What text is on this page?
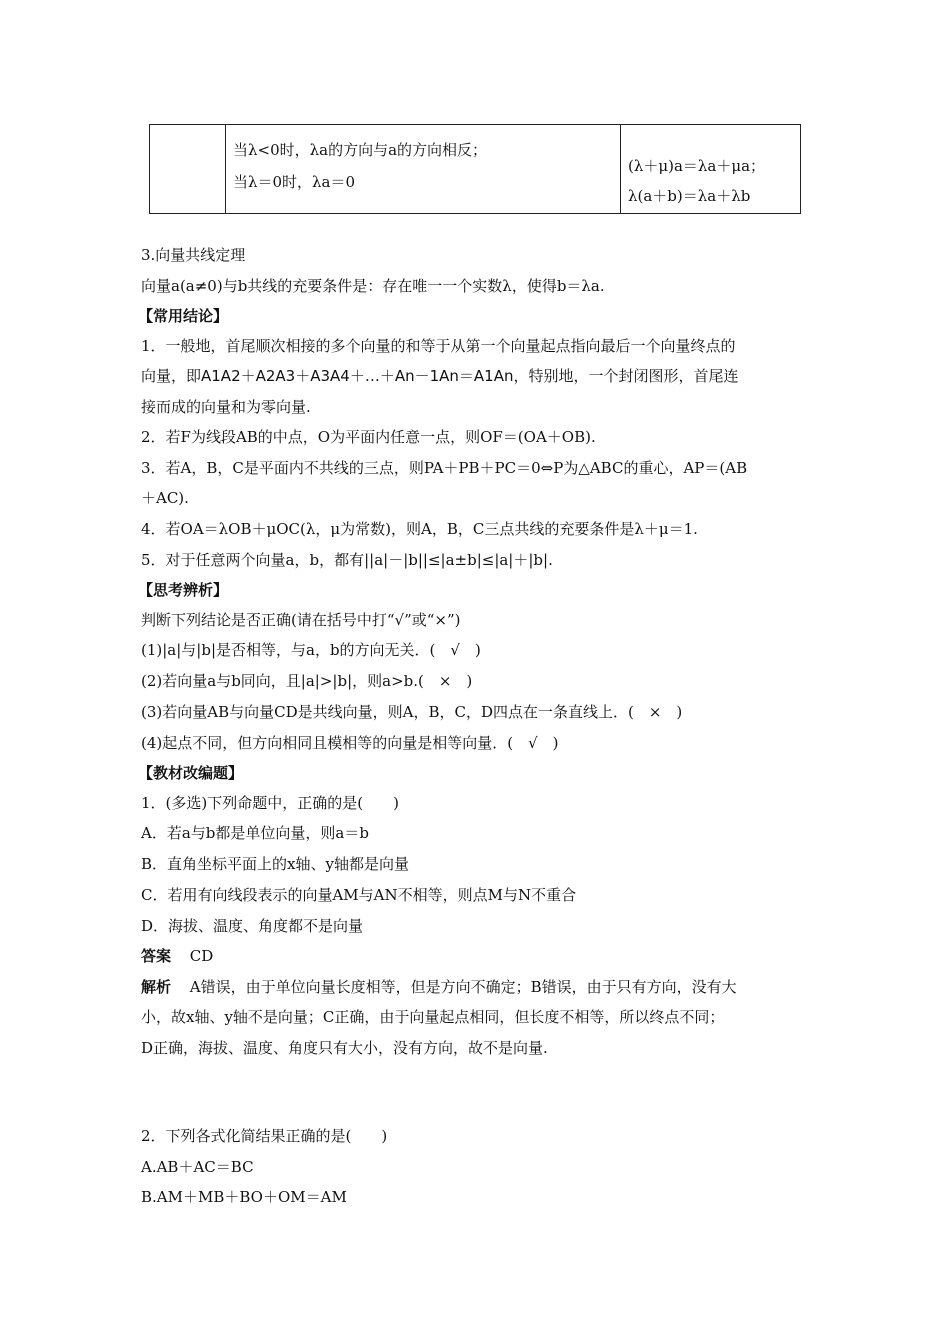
当λ<0时，λa的方向与a的方向相反；
当λ＝0时，λa＝0
(λ＋μ)a＝λa＋μa；
λ(a＋b)＝λa＋λb
3.向量共线定理
向量a(a≠0)与b共线的充要条件是：存在唯一一个实数λ，使得b＝λa.
【常用结论】
1．一般地，首尾顺次相接的多个向量的和等于从第一个向量起点指向最后一个向量终点的
向量，即A1A2＋A2A3＋A3A4＋…＋An－1An＝A1An，特别地，一个封闭图形，首尾连
接而成的向量和为零向量.
2．若F为线段AB的中点，O为平面内任意一点，则OF＝(OA＋OB).
3．若A，B，C是平面内不共线的三点，则PA＋PB＋PC＝0⇔P为△ABC的重心，AP＝(AB
＋AC).
4．若OA＝λOB＋μOC(λ，μ为常数)，则A，B，C三点共线的充要条件是λ＋μ＝1.
5．对于任意两个向量a，b，都有||a|－|b||≤|a±b|≤|a|＋|b|.
【思考辨析】
判断下列结论是否正确(请在括号中打“√”或“×”)
(1)|a|与|b|是否相等，与a，b的方向无关．(　√　)
(2)若向量a与b同向，且|a|>|b|，则a>b.(　×　)
(3)若向量AB与向量CD是共线向量，则A，B，C，D四点在一条直线上．(　×　)
(4)起点不同，但方向相同且模相等的向量是相等向量．(　√　)
【教材改编题】
1．(多选)下列命题中，正确的是(　　)
A．若a与b都是单位向量，则a＝b
B．直角坐标平面上的x轴、y轴都是向量
C．若用有向线段表示的向量AM与AN不相等，则点M与N不重合
D．海拔、温度、角度都不是向量
答案 CD
解析 A错误，由于单位向量长度相等，但是方向不确定；B错误，由于只有方向，没有大
小，故x轴、y轴不是向量；C正确，由于向量起点相同，但长度不相等，所以终点不同；
D正确，海拔、温度、角度只有大小，没有方向，故不是向量.
2．下列各式化简结果正确的是(　　)
A.AB＋AC＝BC
B.AM＋MB＋BO＋OM＝AM
